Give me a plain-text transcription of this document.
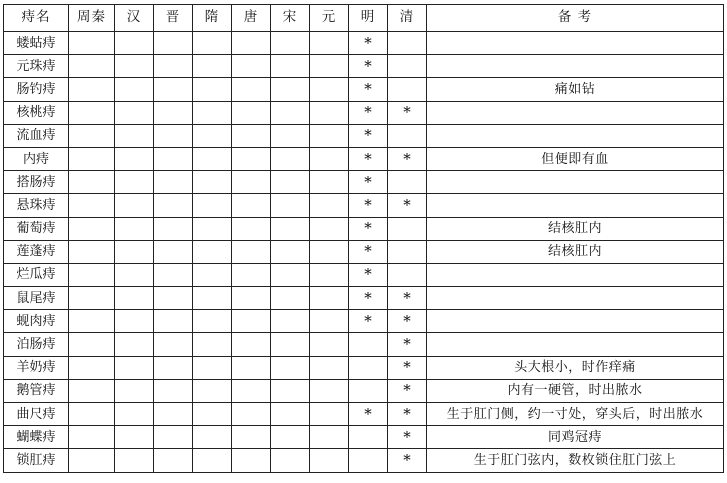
痔名	周秦	汉	晋	隋	唐	宋	元	明	清	备 考
蝼蛄痔								*		
元珠痔								*		
肠钓痔								*		痛如钻
核桃痔								*	*	
流血痔								*		
内痔								*	*	但便即有血
搭肠痔								*		
悬珠痔								*	*	
葡萄痔								*		结核肛内
莲蓬痔								*		结核肛内
烂瓜痔								*		
鼠尾痔								*	*	
蚬肉痔								*	*	
泊肠痔									*	
羊奶痔									*	头大根小，时作痒痛
鹅管痔									*	内有一硬管，时出脓水
曲尺痔								*	*	生于肛门侧，约一寸处，穿头后，时出脓水
蝴蝶痔									*	同鸡冠痔
锁肛痔									*	生于肛门弦内，数枚锁住肛门弦上
